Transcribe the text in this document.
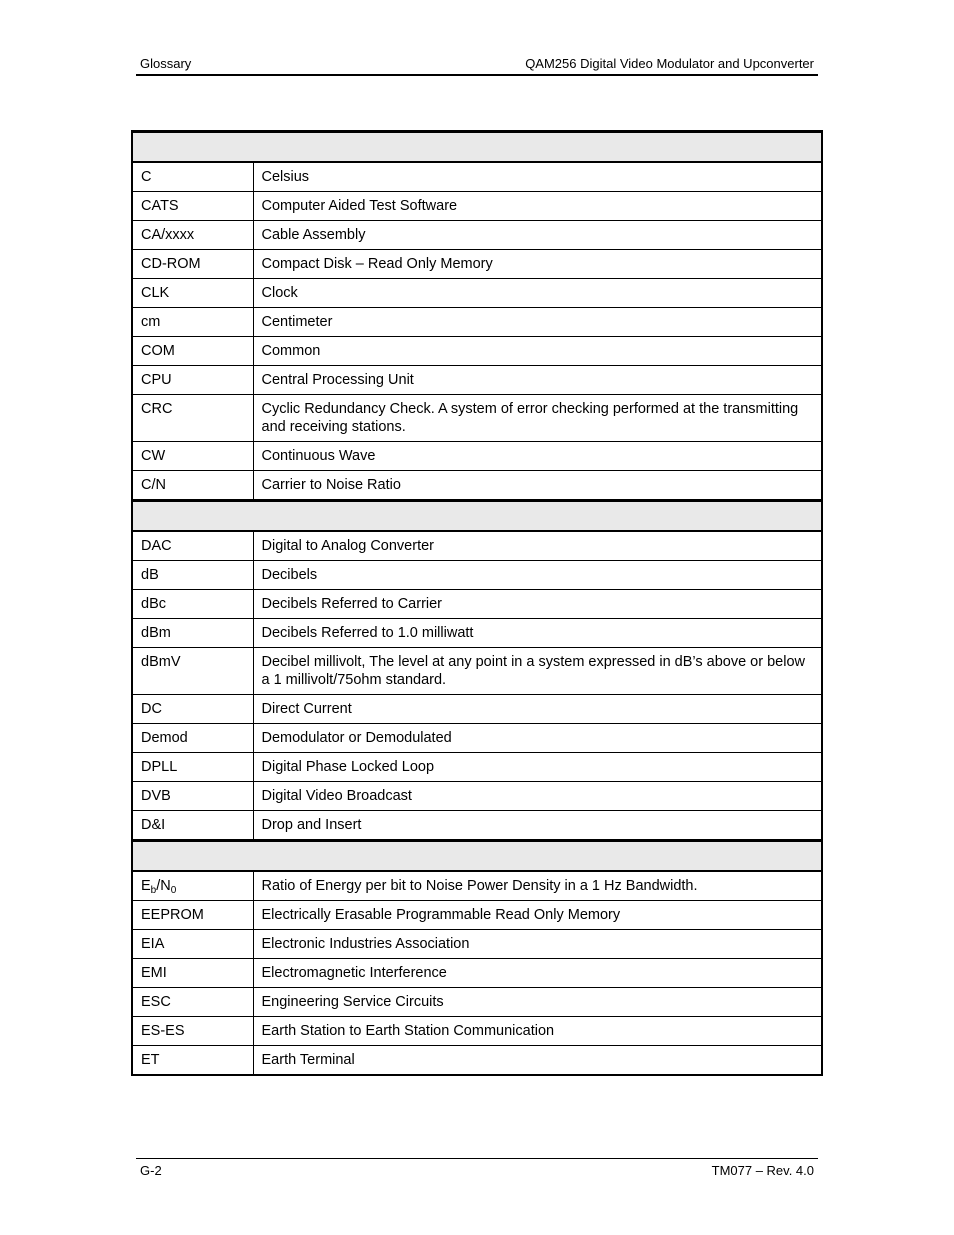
Glossary	QAM256 Digital Video Modulator and Upconverter

C	Celsius
CATS	Computer Aided Test Software
CA/xxxx	Cable Assembly
CD-ROM	Compact Disk – Read Only Memory
CLK	Clock
cm	Centimeter
COM	Common
CPU	Central Processing Unit
CRC	Cyclic Redundancy Check. A system of error checking performed at the transmitting and receiving stations.
CW	Continuous Wave
C/N	Carrier to Noise Ratio

DAC	Digital to Analog Converter
dB	Decibels
dBc	Decibels Referred to Carrier
dBm	Decibels Referred to 1.0 milliwatt
dBmV	Decibel millivolt, The level at any point in a system expressed in dB’s above or below a 1 millivolt/75ohm standard.
DC	Direct Current
Demod	Demodulator or Demodulated
DPLL	Digital Phase Locked Loop
DVB	Digital Video Broadcast
D&I	Drop and Insert

$E_b/N_0$	Ratio of Energy per bit to Noise Power Density in a 1 Hz Bandwidth.
EEPROM	Electrically Erasable Programmable Read Only Memory
EIA	Electronic Industries Association
EMI	Electromagnetic Interference
ESC	Engineering Service Circuits
ES-ES	Earth Station to Earth Station Communication
ET	Earth Terminal
G-2	TM077 – Rev. 4.0
